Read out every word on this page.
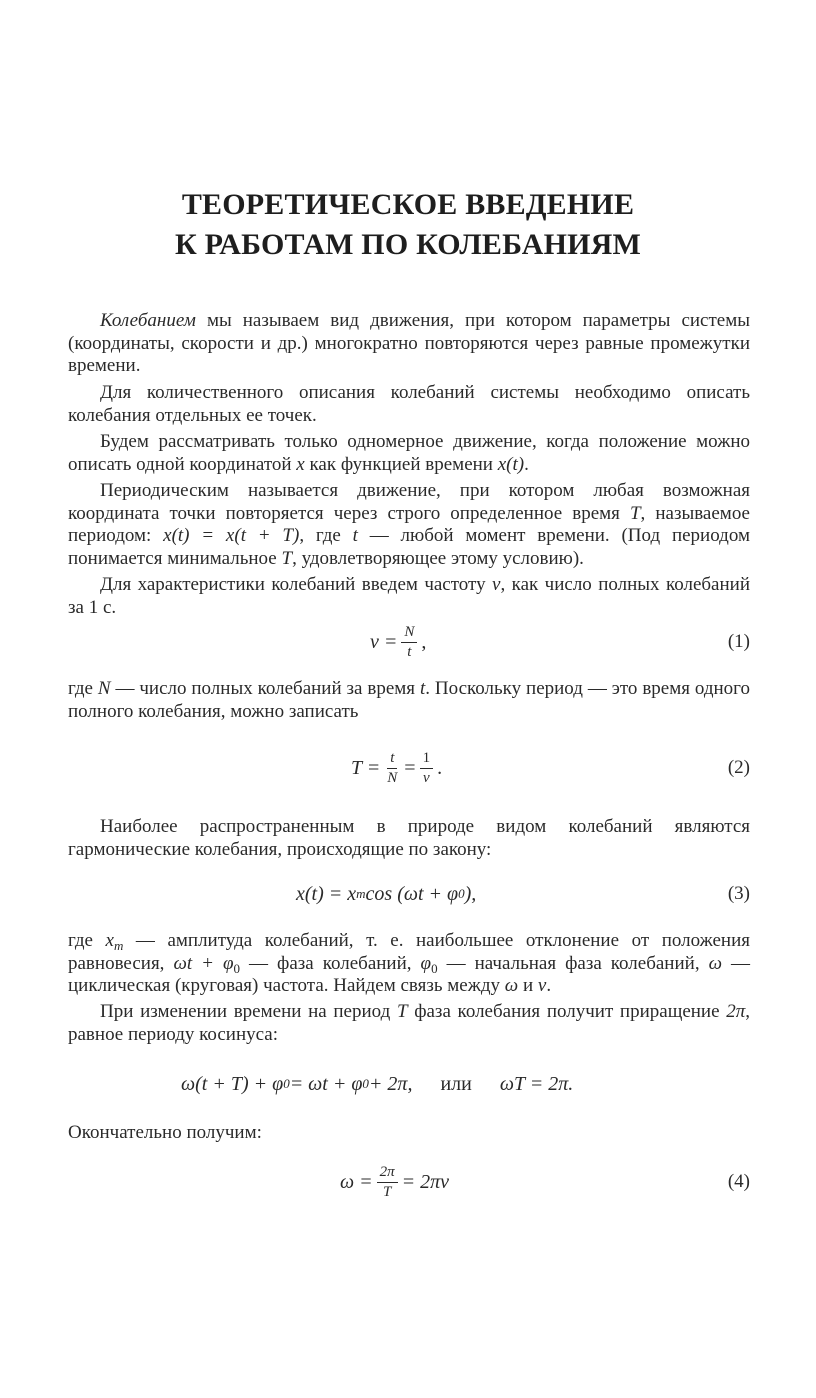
ТЕОРЕТИЧЕСКОЕ ВВЕДЕНИЕ
К РАБОТАМ ПО КОЛЕБАНИЯМ

Колебанием мы называем вид движения, при котором параметры системы (координаты, скорости и др.) многократно повторяются через равные промежутки времени.

Для количественного описания колебаний системы необходимо описать колебания отдельных ее точек.

Будем рассматривать только одномерное движение, когда положение можно описать одной координатой x как функцией времени x(t).

Периодическим называется движение, при котором любая возможная координата точки повторяется через строго определенное время T, называемое периодом: x(t) = x(t + T), где t — любой момент времени. (Под периодом понимается минимальное T, удовлетворяющее этому условию).

Для характеристики колебаний введем частоту ν, как число полных колебаний за 1 с.

$\nu = \frac{N}{t}$ ,	(1)

где N — число полных колебаний за время t. Поскольку период — это время одного полного колебания, можно записать

$T = \frac{t}{N} = \frac{1}{\nu}$ .	(2)

Наиболее распространенным в природе видом колебаний являются гармонические колебания, происходящие по закону:

x(t) = x m cos (ωt + φ 0 ),	(3)

где $x_m$ — амплитуда колебаний, т. е. наибольшее отклонение от положения равновесия, $\omega t + \varphi_0$ — фаза колебаний, $\varphi_0$ — начальная фаза колебаний, ω — циклическая (круговая) частота. Найдем связь между ω и ν.

При изменении времени на период T фаза колебания получит приращение 2π, равное периоду косинуса:

ω(t + T) + φ 0 = ωt + φ 0 + 2π, или ωT = 2π.

Окончательно получим:

$\omega = \frac{2\pi}{T} = 2\pi\nu$	(4)
